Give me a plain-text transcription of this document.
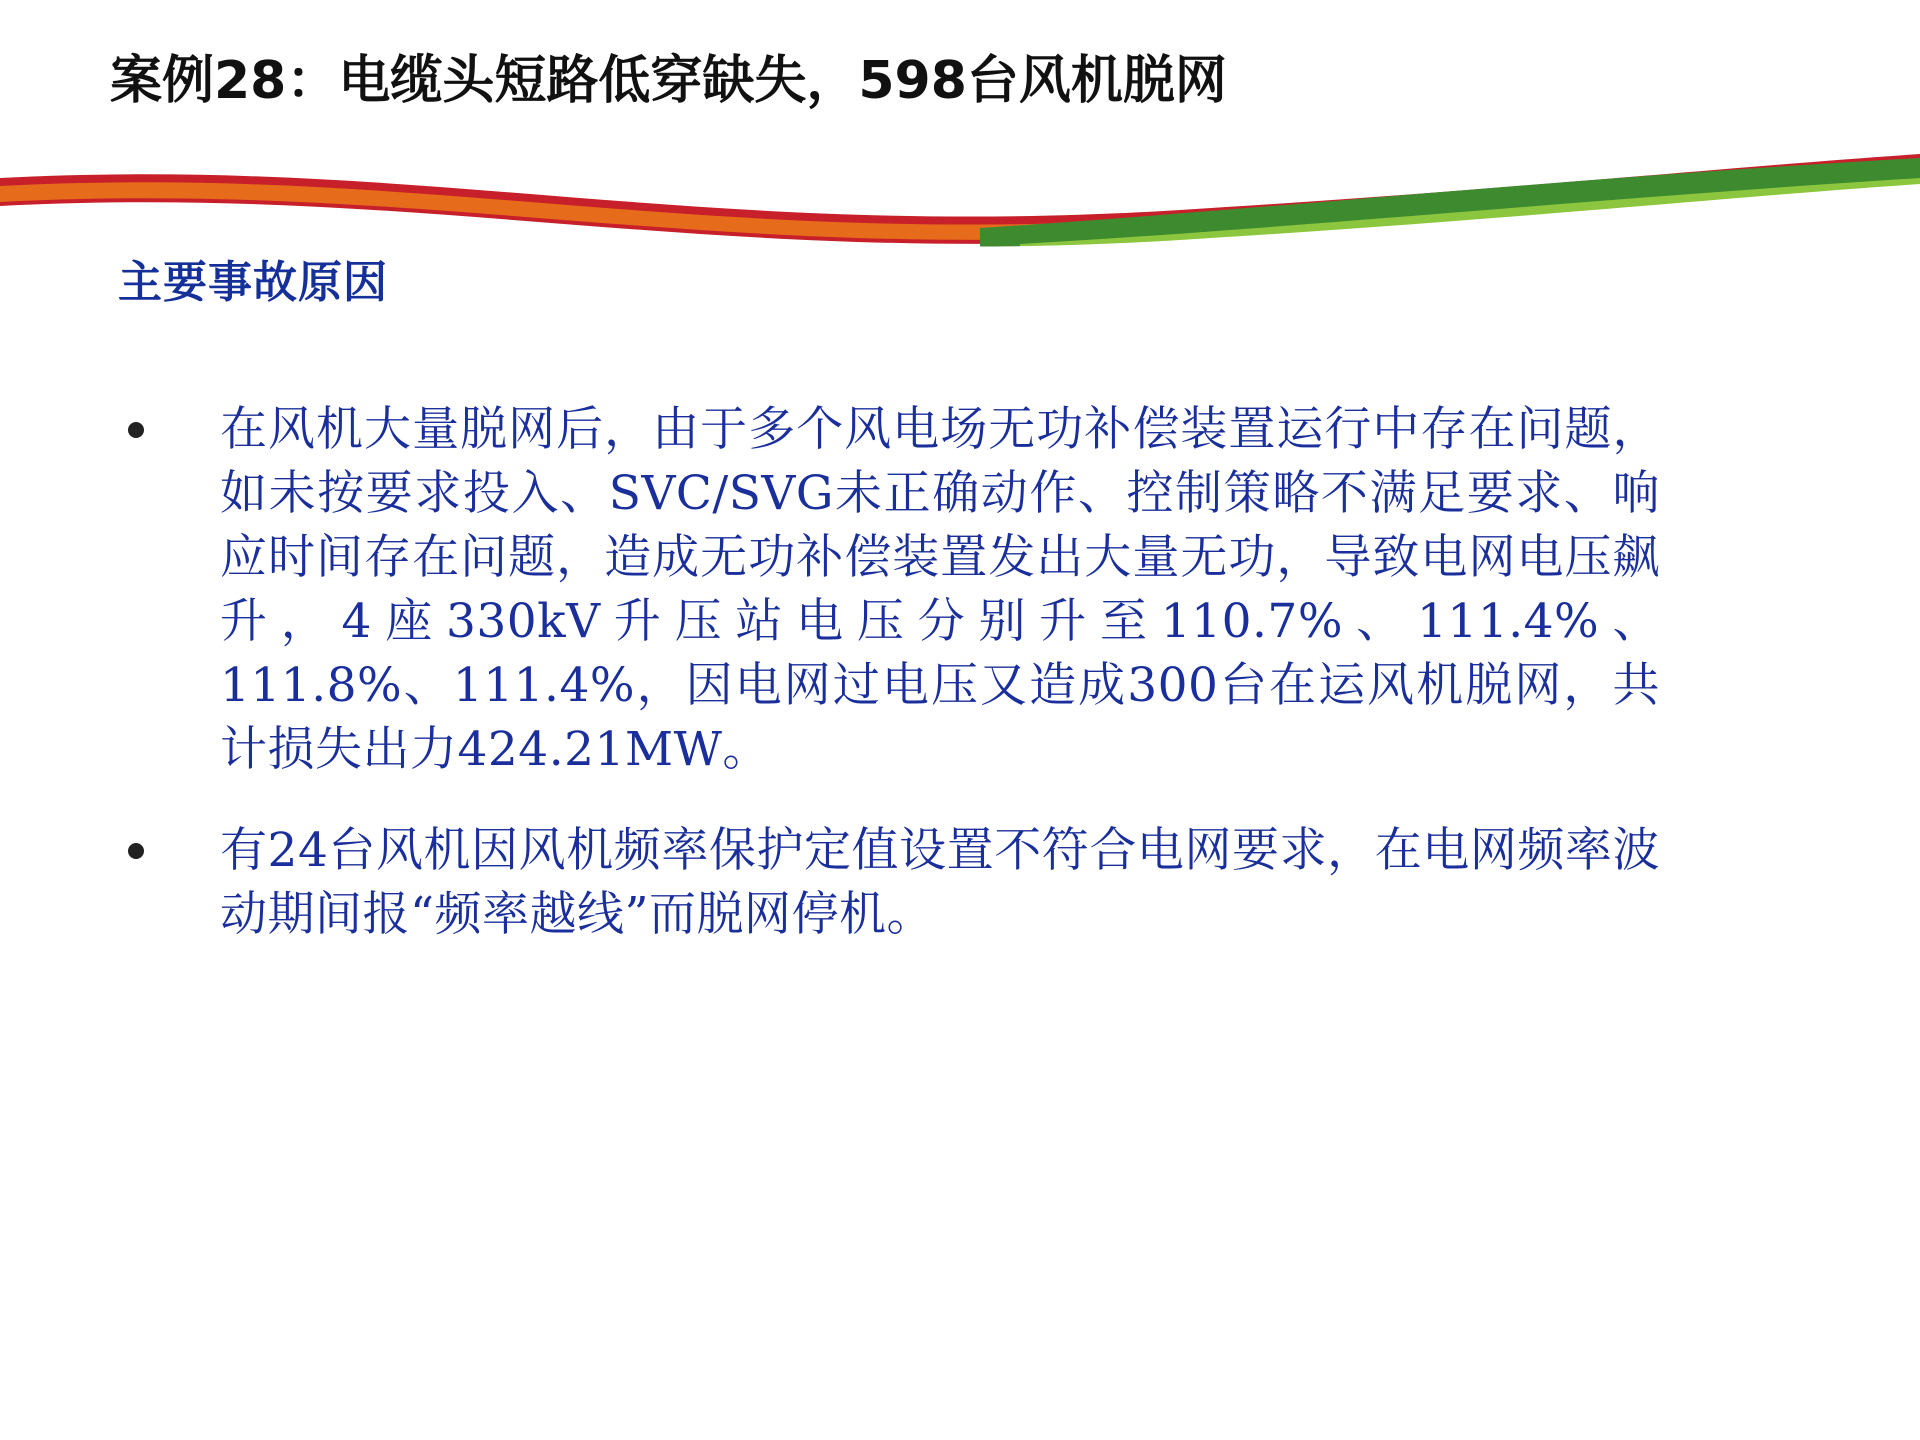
案例28：电缆头短路低穿缺失，598台风机脱网
主要事故原因
在风机大量脱网后，由于多个风电场无功补偿装置运行中存在问题，如未按要求投入、SVC/SVG未正确动作、控制策略不满足要求、响应时间存在问题，造成无功补偿装置发出大量无功，导致电网电压飙升，4座330kV升压站电压分别升至110.7%、111.4%、111.8%、111.4%，因电网过电压又造成300台在运风机脱网，共计损失出力424.21MW。
有24台风机因风机频率保护定值设置不符合电网要求，在电网频率波动期间报“频率越线”而脱网停机。
